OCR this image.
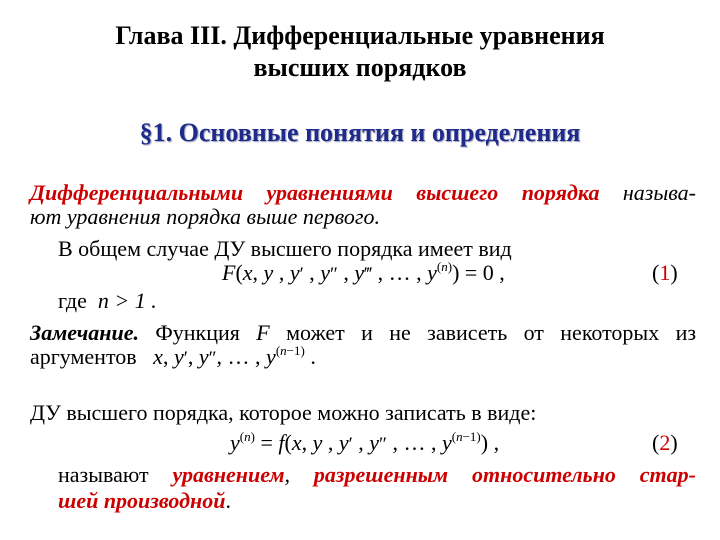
Глава III. Дифференциальные уравнения
высших порядков
§1. Основные понятия и определения
Дифференциальными уравнениями высшего порядка называ-
ют уравнения порядка выше первого.
В общем случае ДУ высшего порядка имеет вид
F(x, y , y′ , y″ , y‴ , … , $y^{(n)}) = 0$ ,	(1)
где n > 1 .
Замечание. Функция F может и не зависеть от некоторых из
аргументов x, y′, y″, … , $y^{(n-1)}$ .
ДУ высшего порядка, которое можно записать в виде:
$y^{(n)} = f(x$, y , y′ , y″ , … , $y^{(n-1)}$) ,	(2)
называют уравнением, разрешенным относительно стар-
шей производной.
